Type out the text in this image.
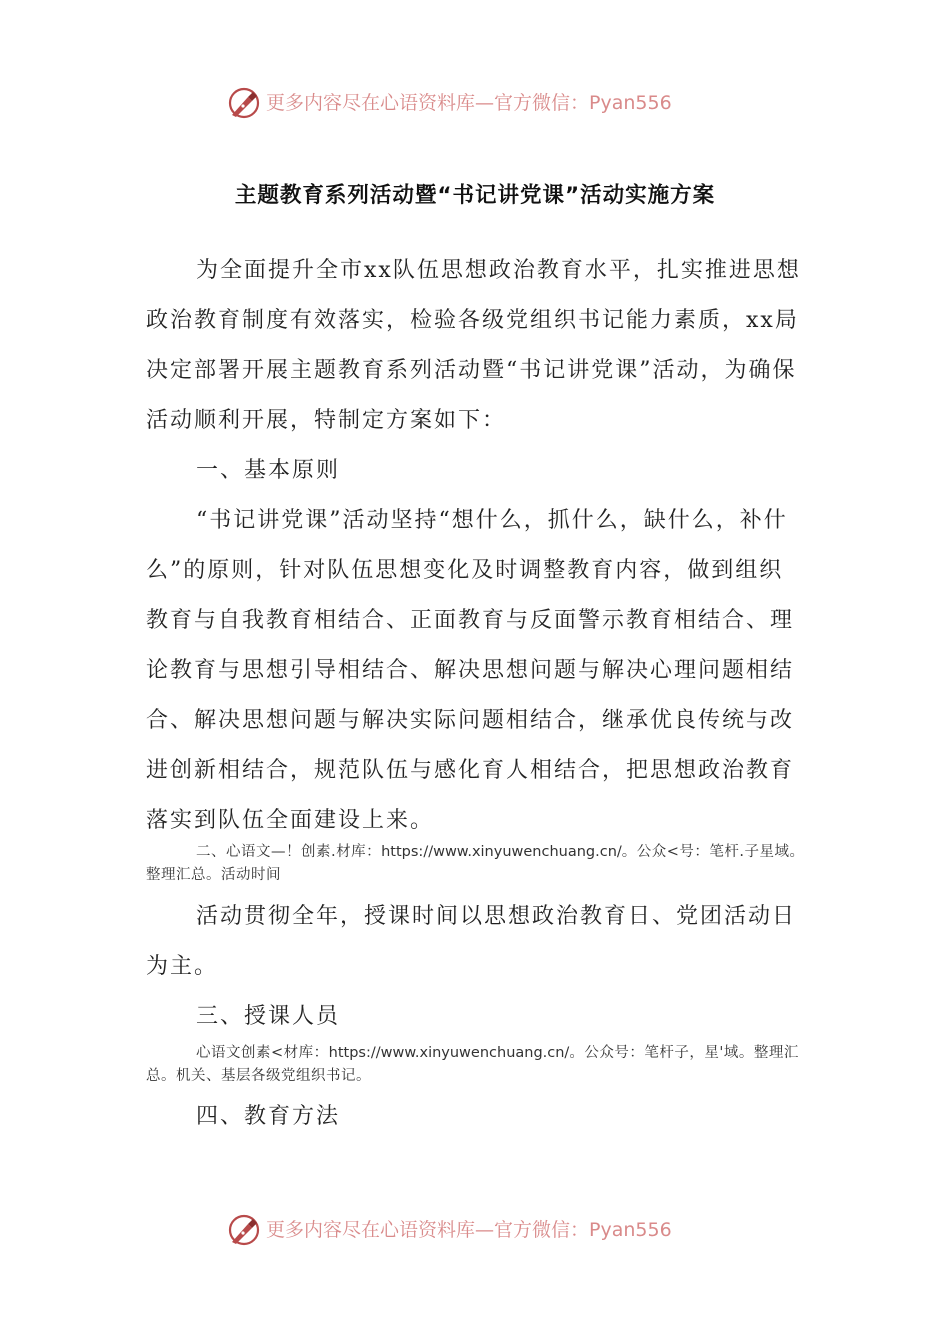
更多内容尽在心语资料库—官方微信：Pyan556
主题教育系列活动暨“书记讲党课”活动实施方案

为全面提升全市xx队伍思想政治教育水平，扎实推进思想政治教育制度有效落实，检验各级党组织书记能力素质，xx局决定部署开展主题教育系列活动暨“书记讲党课”活动，为确保活动顺利开展，特制定方案如下：

一、基本原则

“书记讲党课”活动坚持“想什么，抓什么，缺什么，补什么”的原则，针对队伍思想变化及时调整教育内容，做到组织教育与自我教育相结合、正面教育与反面警示教育相结合、理论教育与思想引导相结合、解决思想问题与解决心理问题相结合、解决思想问题与解决实际问题相结合，继承优良传统与改进创新相结合，规范队伍与感化育人相结合，把思想政治教育落实到队伍全面建设上来。

二、心语文—！创素.材库：https://www.xinyuwenchuang.cn/。公众<号：笔杆.子星域。整理汇总。活动时间

活动贯彻全年，授课时间以思想政治教育日、党团活动日为主。

三、授课人员

心语文创素<材库：https://www.xinyuwenchuang.cn/。公众号：笔杆子，星'域。整理汇总。机关、基层各级党组织书记。

四、教育方法

更多内容尽在心语资料库—官方微信：Pyan556
